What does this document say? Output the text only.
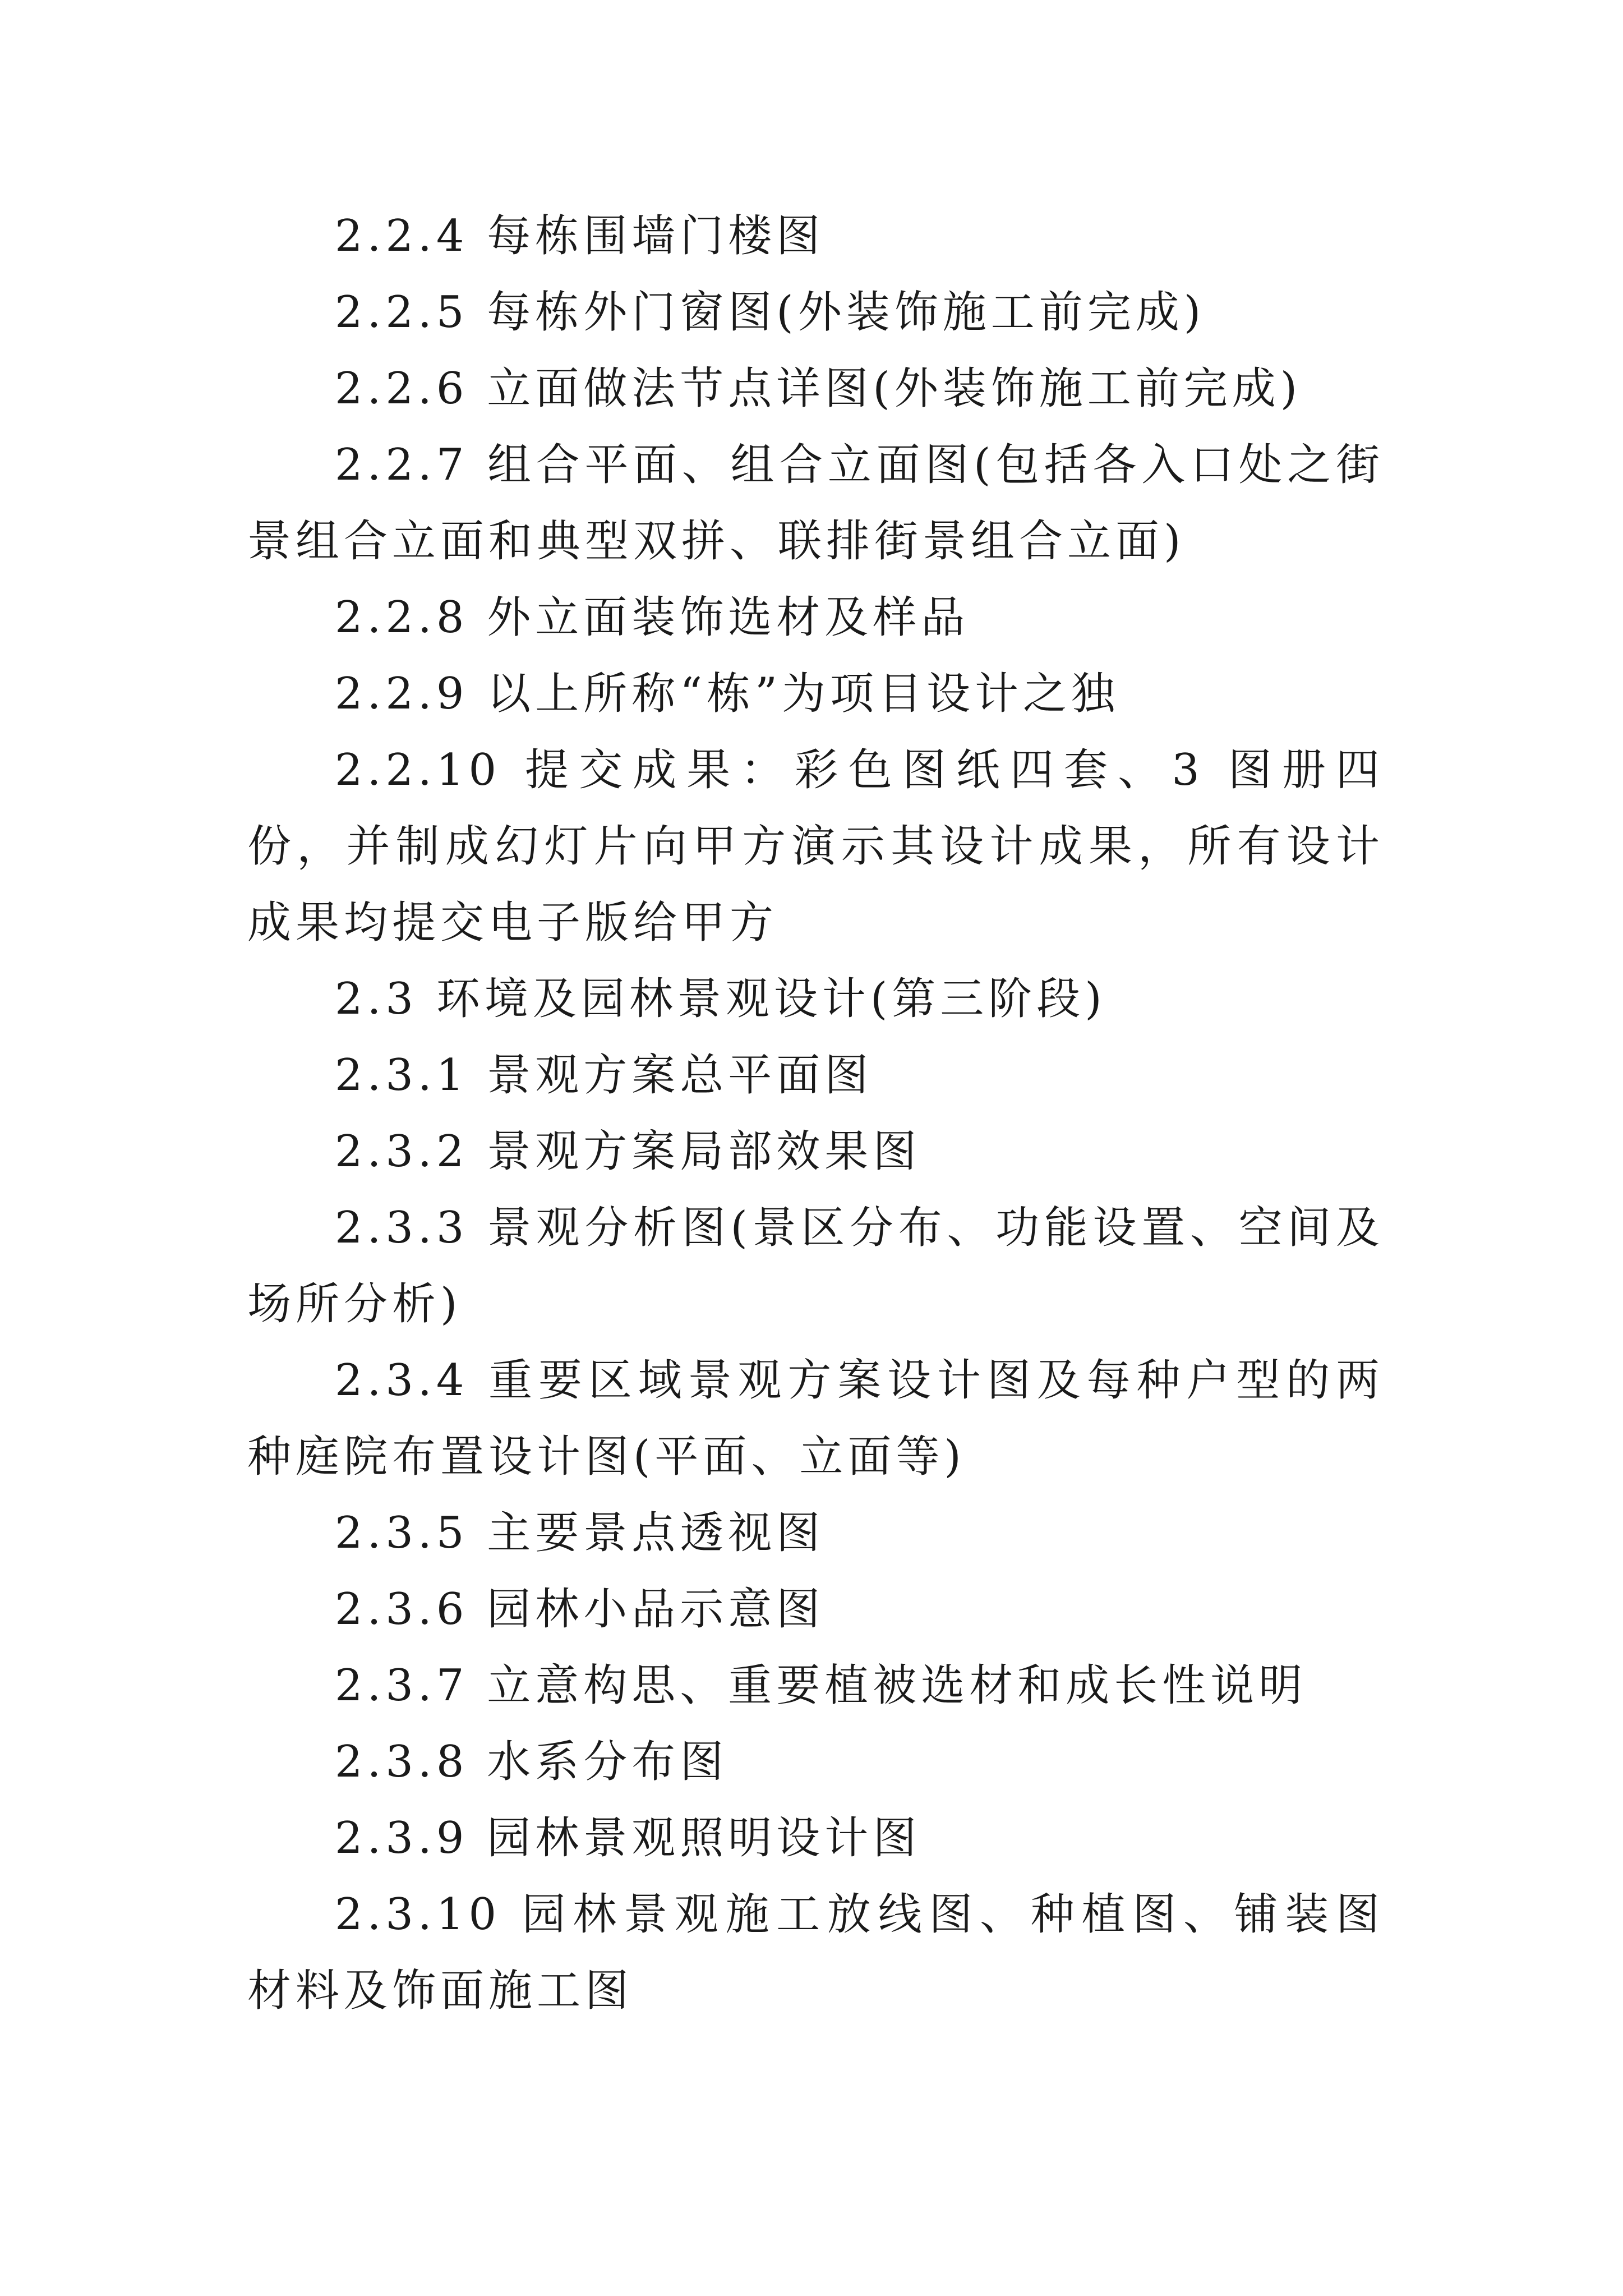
2.2.4 每栋围墙门楼图

2.2.5 每栋外门窗图(外装饰施工前完成)

2.2.6 立面做法节点详图(外装饰施工前完成)

2.2.7 组合平面、组合立面图(包括各入口处之街景组合立面和典型双拼、联排街景组合立面)

2.2.8 外立面装饰选材及样品

2.2.9 以上所称“栋”为项目设计之独

2.2.10 提交成果：彩色图纸四套、3 图册四份，并制成幻灯片向甲方演示其设计成果，所有设计成果均提交电子版给甲方

2.3 环境及园林景观设计(第三阶段)

2.3.1 景观方案总平面图

2.3.2 景观方案局部效果图

2.3.3 景观分析图(景区分布、功能设置、空间及场所分析)

2.3.4 重要区域景观方案设计图及每种户型的两种庭院布置设计图(平面、立面等)

2.3.5 主要景点透视图

2.3.6 园林小品示意图

2.3.7 立意构思、重要植被选材和成长性说明

2.3.8 水系分布图

2.3.9 园林景观照明设计图

2.3.10 园林景观施工放线图、种植图、铺装图材料及饰面施工图
